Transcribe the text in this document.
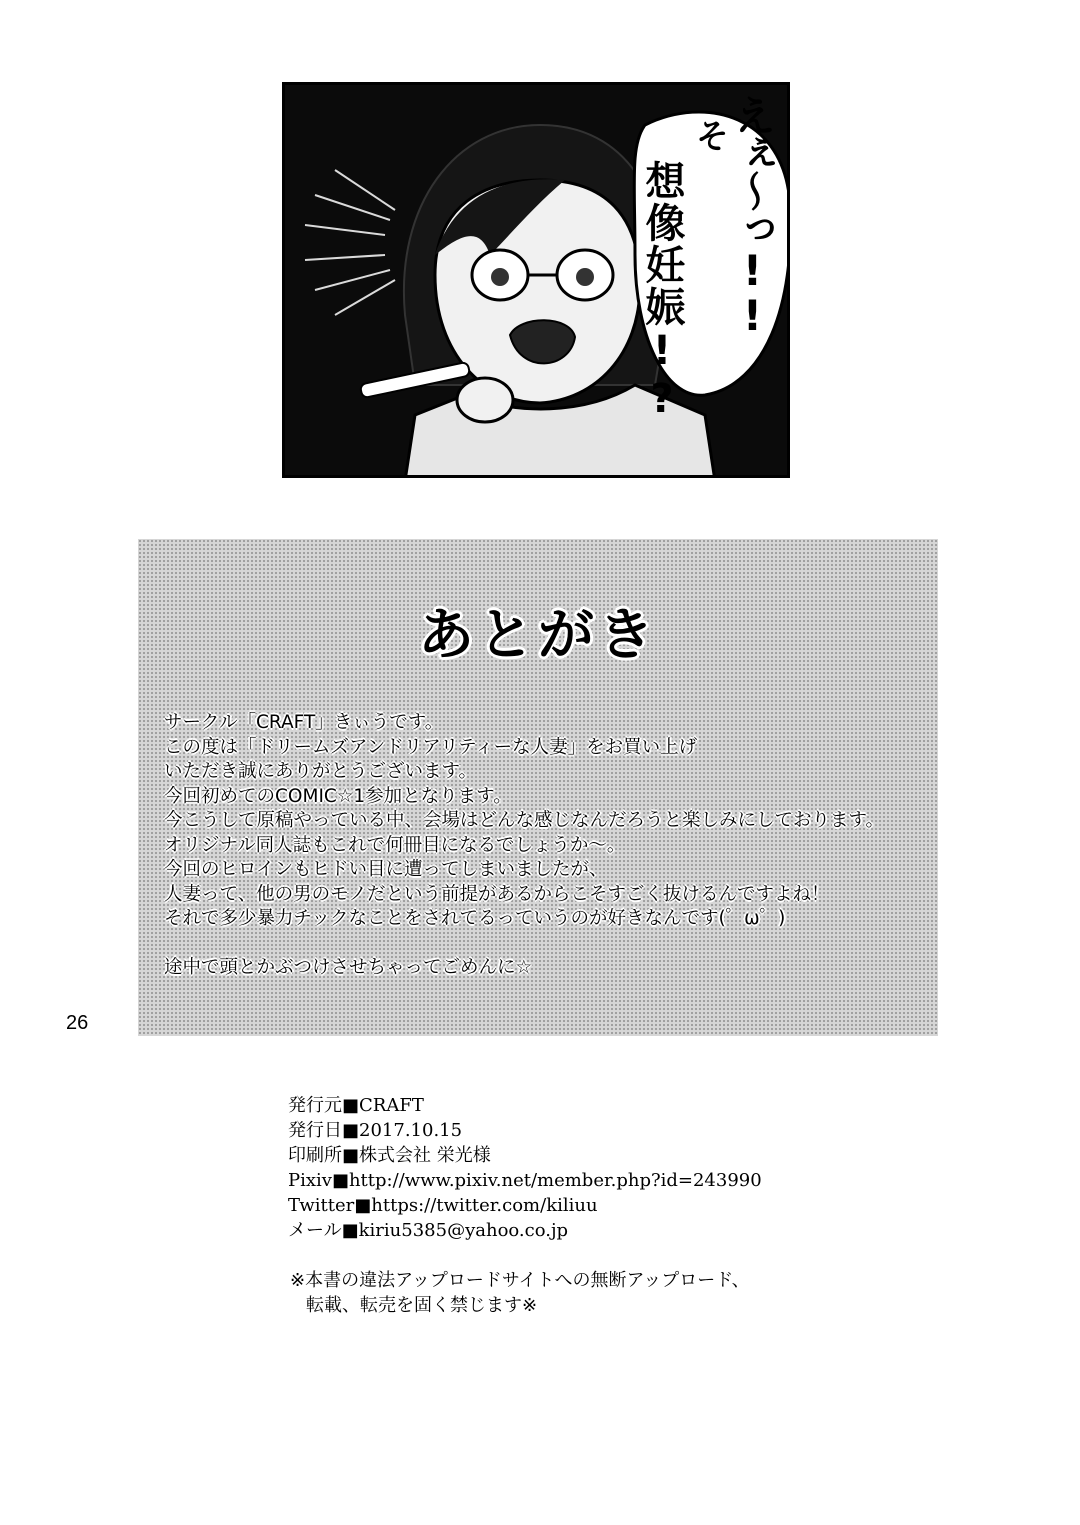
えぇ〜っ!!
そ
想像妊娠!?
あとがき
サークル「CRAFT」きぃうです。
この度は「ドリームズアンドリアリティーな人妻」をお買い上げ
いただき誠にありがとうございます。
今回初めてのCOMIC☆1参加となります。
今こうして原稿やっている中、会場はどんな感じなんだろうと楽しみにしております。
オリジナル同人誌もこれで何冊目になるでしょうか〜。
今回のヒロインもヒドい目に遭ってしまいましたが、
人妻って、他の男のモノだという前提があるからこそすごく抜けるんですよね！
それで多少暴力チックなことをされてるっていうのが好きなんです(゜ω゜)
途中で頭とかぶつけさせちゃってごめんに☆
発行元■CRAFT
発行日■2017.10.15
印刷所■株式会社 栄光様
Pixiv■http://www.pixiv.net/member.php?id=243990
Twitter■https://twitter.com/kiliuu
メール■kiriu5385@yahoo.co.jp
※本書の違法アップロードサイトへの無断アップロード、
転載、転売を固く禁じます※
26
